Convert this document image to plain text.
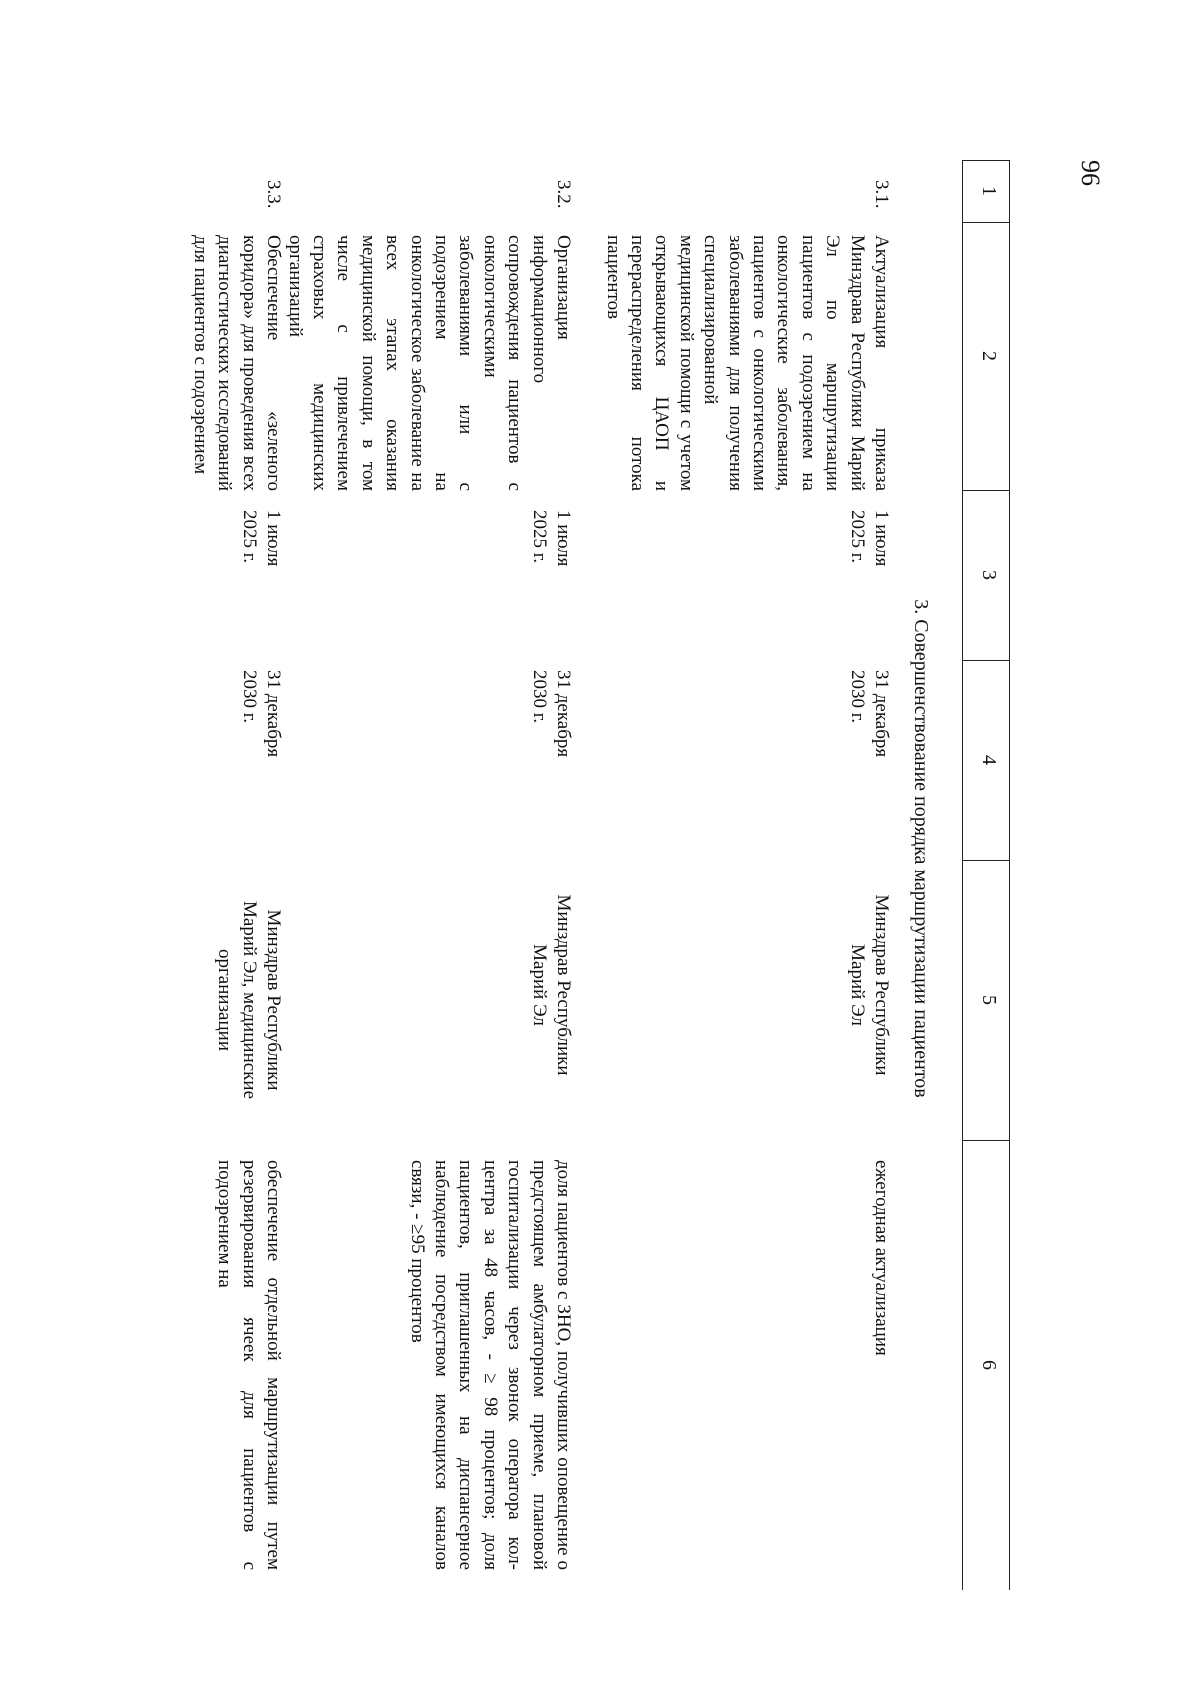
96
1
2
3
4
5
6
3. Совершенствование порядка маршрутизации пациентов
3.1.
Актуализация приказа Минздрава Республики Марий Эл по маршрутизации пациентов с подозрением на онкологические заболевания, пациентов с онкологическими заболеваниями для получения специализированной медицинской помощи с учетом открывающихся ЦАОП и перераспределения потока пациентов
1 июля 2025 г.
31 декабря 2030 г.
Минздрав Республики Марий Эл
ежегодная актуализация
3.2.
Организация информационного сопровождения пациентов с онкологическими заболеваниями или с подозрением на онкологическое заболевание на всех этапах оказания медицинской помощи, в том числе с привлечением страховых медицинских организаций
1 июля 2025 г.
31 декабря 2030 г.
Минздрав Республики Марий Эл
доля пациентов с ЗНО, получивших оповещение о предстоящем амбулаторном приеме, плановой госпитализации через звонок оператора кол-центра за 48 часов, - ≥ 98 процентов; доля пациентов, приглашенных на диспансерное наблюдение посредством имеющихся каналов связи, - ≥95 процентов
3.3.
Обеспечение «зеленого коридора» для проведения всех диагностических исследований для пациентов с подозрением
1 июля 2025 г.
31 декабря 2030 г.
Минздрав Республики Марий Эл, медицинские организации
обеспечение отдельной маршрутизации путем резервирования ячеек для пациентов с подозрением на
